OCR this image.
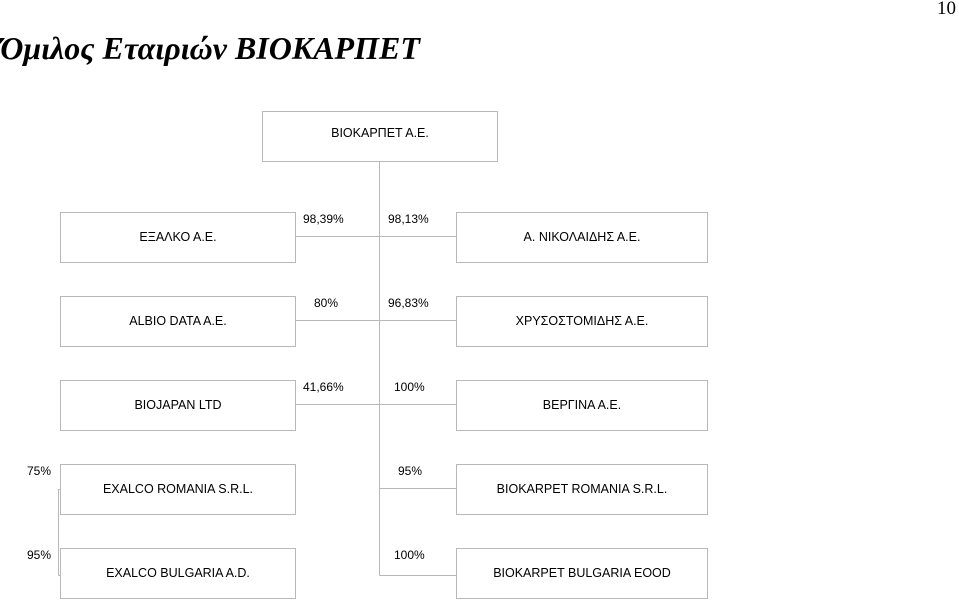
10
Όμιλος Εταιριών ΒΙΟΚΑΡΠΕΤ
ΒΙΟΚΑΡΠΕΤ Α.Ε.
ΕΞΑΛΚΟ Α.Ε.	Α. ΝΙΚΟΛΑΙΔΗΣ Α.Ε.
ALBIO DATA A.E.	ΧΡΥΣΟΣΤΟΜΙΔΗΣ Α.Ε.
BIOJAPAN LTD	ΒΕΡΓΙΝΑ Α.Ε.
EXALCO ROMANIA S.R.L.	BIOKARPET ROMANIA S.R.L.
EXALCO BULGARIA A.D.	BIOKARPET BULGARIA EOOD
98,39%	98,13%
80%	96,83%
41,66%	100%
75%	95%
95%	100%
